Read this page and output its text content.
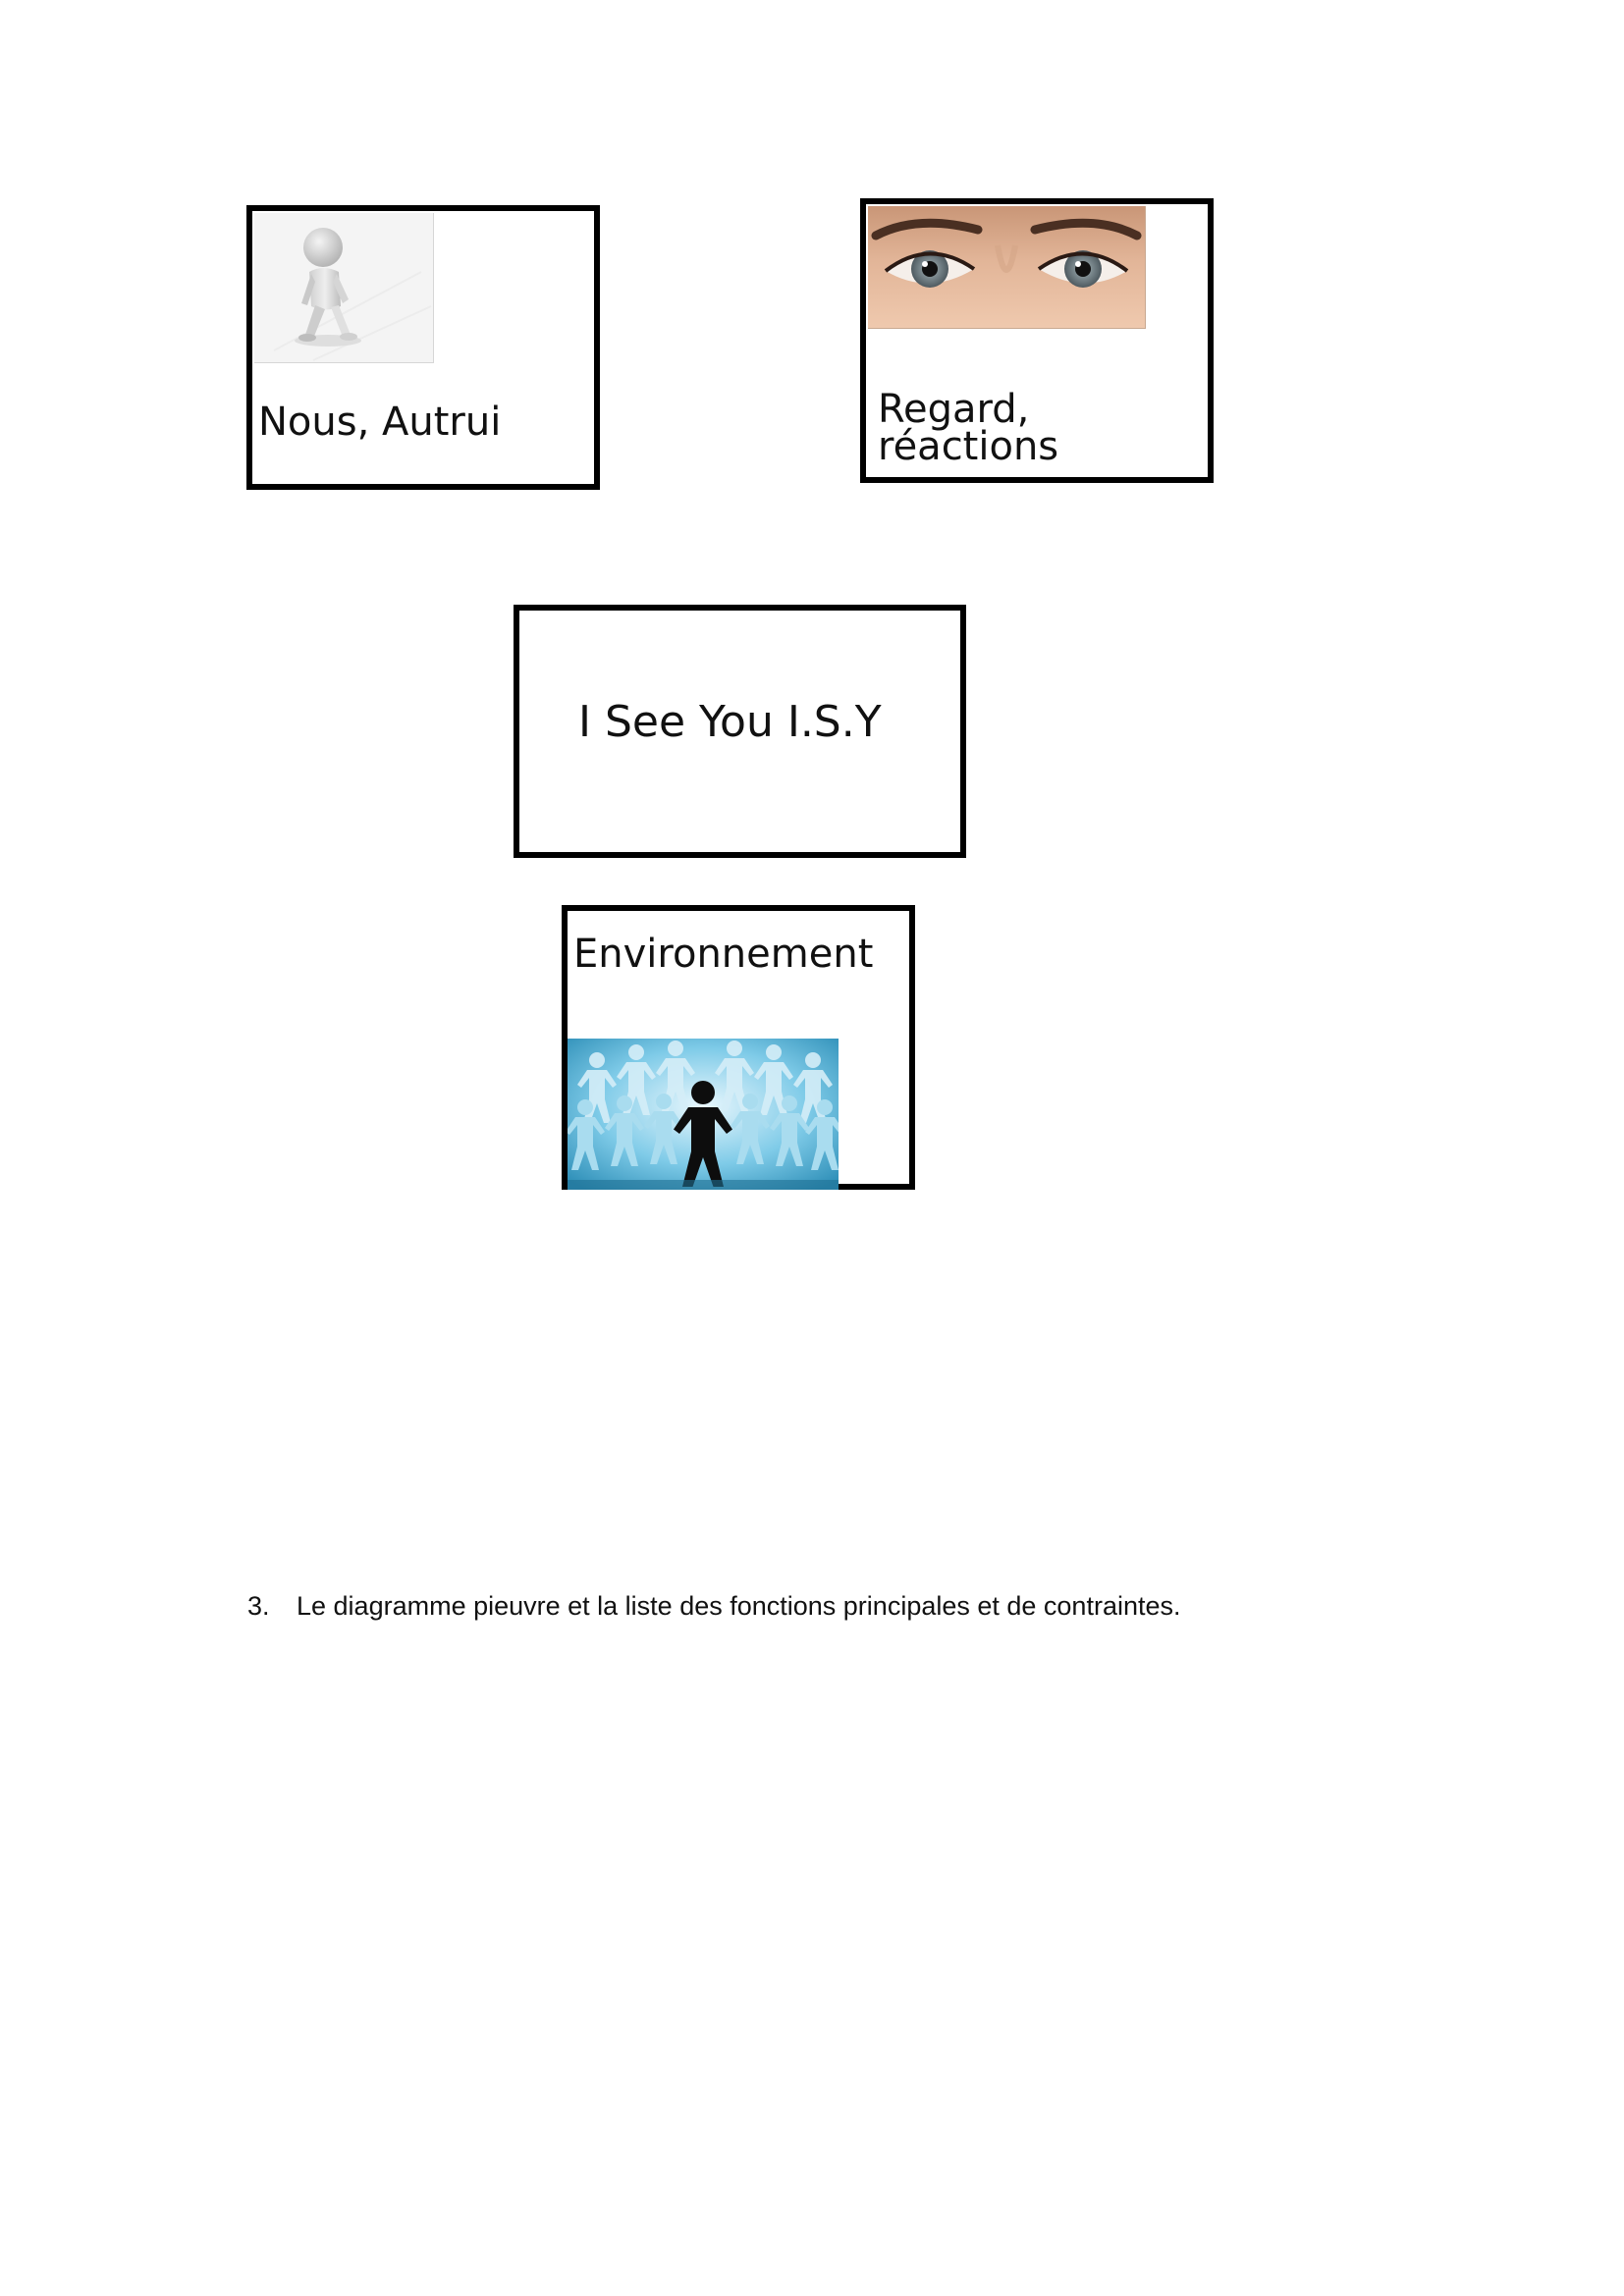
Nous, Autrui	Regard,
réactions
I See You I.S.Y
Environnement
3. Le diagramme pieuvre et la liste des fonctions principales et de contraintes.
